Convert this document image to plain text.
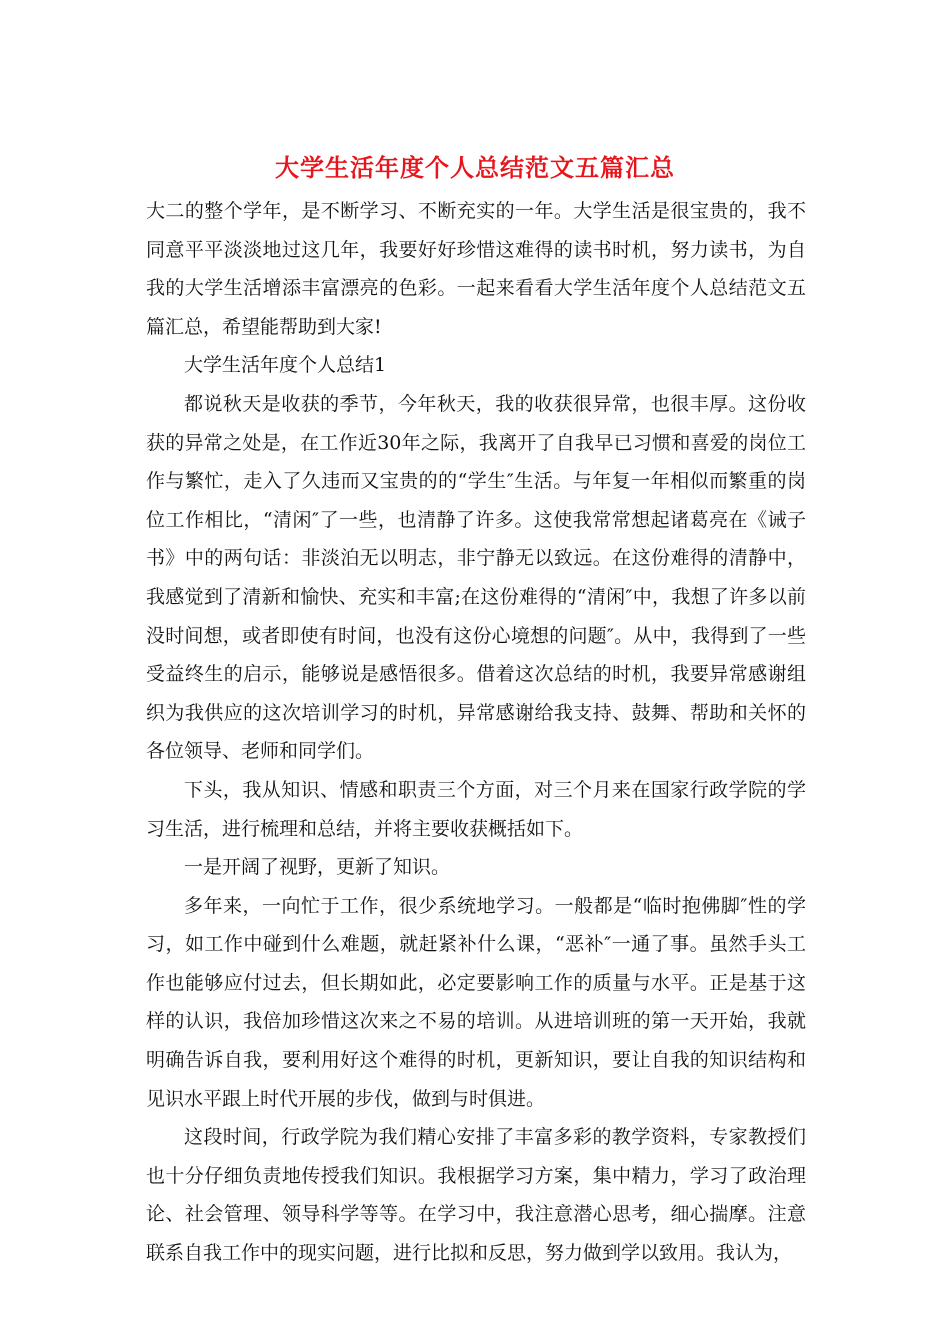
大学生活年度个人总结范文五篇汇总

大二的整个学年，是不断学习、不断充实的一年。大学生活是很宝贵的，我不同意平平淡淡地过这几年，我要好好珍惜这难得的读书时机，努力读书，为自我的大学生活增添丰富漂亮的色彩。一起来看看大学生活年度个人总结范文五篇汇总，希望能帮助到大家!

大学生活年度个人总结1

都说秋天是收获的季节，今年秋天，我的收获很异常，也很丰厚。这份收获的异常之处是，在工作近30年之际，我离开了自我早已习惯和喜爱的岗位工作与繁忙，走入了久违而又宝贵的的“学生″生活。与年复一年相似而繁重的岗位工作相比，“清闲″了一些，也清静了许多。这使我常常想起诸葛亮在《诫子书》中的两句话：非淡泊无以明志，非宁静无以致远。在这份难得的清静中，我感觉到了清新和愉快、充实和丰富;在这份难得的“清闲″中，我想了许多以前没时间想，或者即使有时间，也没有这份心境想的问题″。从中，我得到了一些受益终生的启示，能够说是感悟很多。借着这次总结的时机，我要异常感谢组织为我供应的这次培训学习的时机，异常感谢给我支持、鼓舞、帮助和关怀的各位领导、老师和同学们。

下头，我从知识、情感和职责三个方面，对三个月来在国家行政学院的学习生活，进行梳理和总结，并将主要收获概括如下。

一是开阔了视野，更新了知识。

多年来，一向忙于工作，很少系统地学习。一般都是“临时抱佛脚″性的学习，如工作中碰到什么难题，就赶紧补什么课，“恶补″一通了事。虽然手头工作也能够应付过去，但长期如此，必定要影响工作的质量与水平。正是基于这样的认识，我倍加珍惜这次来之不易的培训。从进培训班的第一天开始，我就明确告诉自我，要利用好这个难得的时机，更新知识，要让自我的知识结构和见识水平跟上时代开展的步伐，做到与时俱进。

这段时间，行政学院为我们精心安排了丰富多彩的教学资料，专家教授们也十分仔细负责地传授我们知识。我根据学习方案，集中精力，学习了政治理论、社会管理、领导科学等等。在学习中，我注意潜心思考，细心揣摩。注意联系自我工作中的现实问题，进行比拟和反思，努力做到学以致用。我认为，
